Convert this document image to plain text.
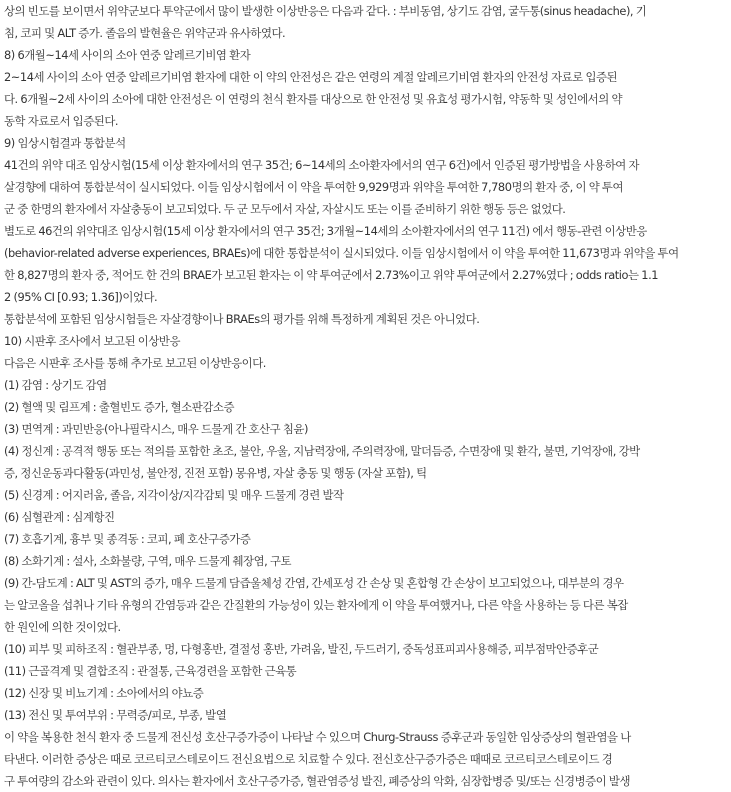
상의 빈도를 보이면서 위약군보다 투약군에서 많이 발생한 이상반응은 다음과 같다. : 부비동염, 상기도 감염, 굴두통(sinus headache), 기
침, 코피 및 ALT 증가. 졸음의 발현율은 위약군과 유사하였다.
8) 6개월~14세 사이의 소아 연중 알레르기비염 환자
2~14세 사이의 소아 연중 알레르기비염 환자에 대한 이 약의 안전성은 같은 연령의 계절 알레르기비염 환자의 안전성 자료로 입증된
다. 6개월~2세 사이의 소아에 대한 안전성은 이 연령의 천식 환자를 대상으로 한 안전성 및 유효성 평가시험, 약동학 및 성인에서의 약
동학 자료로서 입증된다.
9) 임상시험결과 통합분석
41건의 위약 대조 임상시험(15세 이상 환자에서의 연구 35건; 6~14세의 소아환자에서의 연구 6건)에서 인증된 평가방법을 사용하여 자
살경향에 대하여 통합분석이 실시되었다. 이들 임상시험에서 이 약을 투여한 9,929명과 위약을 투여한 7,780명의 환자 중, 이 약 투여
군 중 한명의 환자에서 자살충동이 보고되었다. 두 군 모두에서 자살, 자살시도 또는 이를 준비하기 위한 행동 등은 없었다.
별도로 46건의 위약대조 임상시험(15세 이상 환자에서의 연구 35건; 3개월~14세의 소아환자에서의 연구 11건) 에서 행동-관련 이상반응
(behavior-related adverse experiences, BRAEs)에 대한 통합분석이 실시되었다. 이들 임상시험에서 이 약을 투여한 11,673명과 위약을 투여
한 8,827명의 환자 중, 적어도 한 건의 BRAE가 보고된 환자는 이 약 투여군에서 2.73%이고 위약 투여군에서 2.27%였다 ; odds ratio는 1.1
2 (95% CI [0.93; 1.36])이었다.
통합분석에 포함된 임상시험들은 자살경향이나 BRAEs의 평가를 위해 특정하게 계획된 것은 아니었다.
10) 시판후 조사에서 보고된 이상반응
다음은 시판후 조사를 통해 추가로 보고된 이상반응이다.
(1) 감염 : 상기도 감염
(2) 혈액 및 림프계 : 출혈빈도 증가, 혈소판감소증
(3) 면역계 : 과민반응(아나필락시스, 매우 드물게 간 호산구 침윤)
(4) 정신계 : 공격적 행동 또는 적의를 포함한 초조, 불안, 우울, 지남력장애, 주의력장애, 말더듬증, 수면장애 및 환각, 불면, 기억장애, 강박
증, 정신운동과다활동(과민성, 불안정, 진전 포함) 몽유병, 자살 충동 및 행동 (자살 포함), 틱
(5) 신경계 : 어지러움, 졸음, 지각이상/지각감퇴 및 매우 드물게 경련 발작
(6) 심혈관계 : 심계항진
(7) 호흡기계, 흉부 및 종격동 : 코피, 폐 호산구증가증
(8) 소화기계 : 설사, 소화불량, 구역, 매우 드물게 췌장염, 구토
(9) 간-담도계 : ALT 및 AST의 증가, 매우 드물게 담즙울체성 간염, 간세포성 간 손상 및 혼합형 간 손상이 보고되었으나, 대부분의 경우
는 알코올을 섭취나 기타 유형의 간염등과 같은 간질환의 가능성이 있는 환자에게 이 약을 투여했거나, 다른 약을 사용하는 등 다른 복잡
한 원인에 의한 것이었다.
(10) 피부 및 피하조직 : 혈관부종, 멍, 다형홍반, 결절성 홍반, 가려움, 발진, 두드러기, 중독성표피괴사용해증, 피부점막안증후군
(11) 근골격계 및 결합조직 : 관절통, 근육경련을 포함한 근육통
(12) 신장 및 비뇨기계 : 소아에서의 야뇨증
(13) 전신 및 투여부위 : 무력증/피로, 부종, 발열
이 약을 복용한 천식 환자 중 드물게 전신성 호산구증가증이 나타날 수 있으며 Churg-Strauss 증후군과 동일한 임상증상의 혈관염을 나
타낸다. 이러한 증상은 때로 코르티코스테로이드 전신요법으로 치료할 수 있다. 전신호산구증가증은 때때로 코르티코스테로이드 경
구 투여량의 감소와 관련이 있다. 의사는 환자에서 호산구증가증, 혈관염증성 발진, 폐증상의 악화, 심장합병증 및/또는 신경병증이 발생
